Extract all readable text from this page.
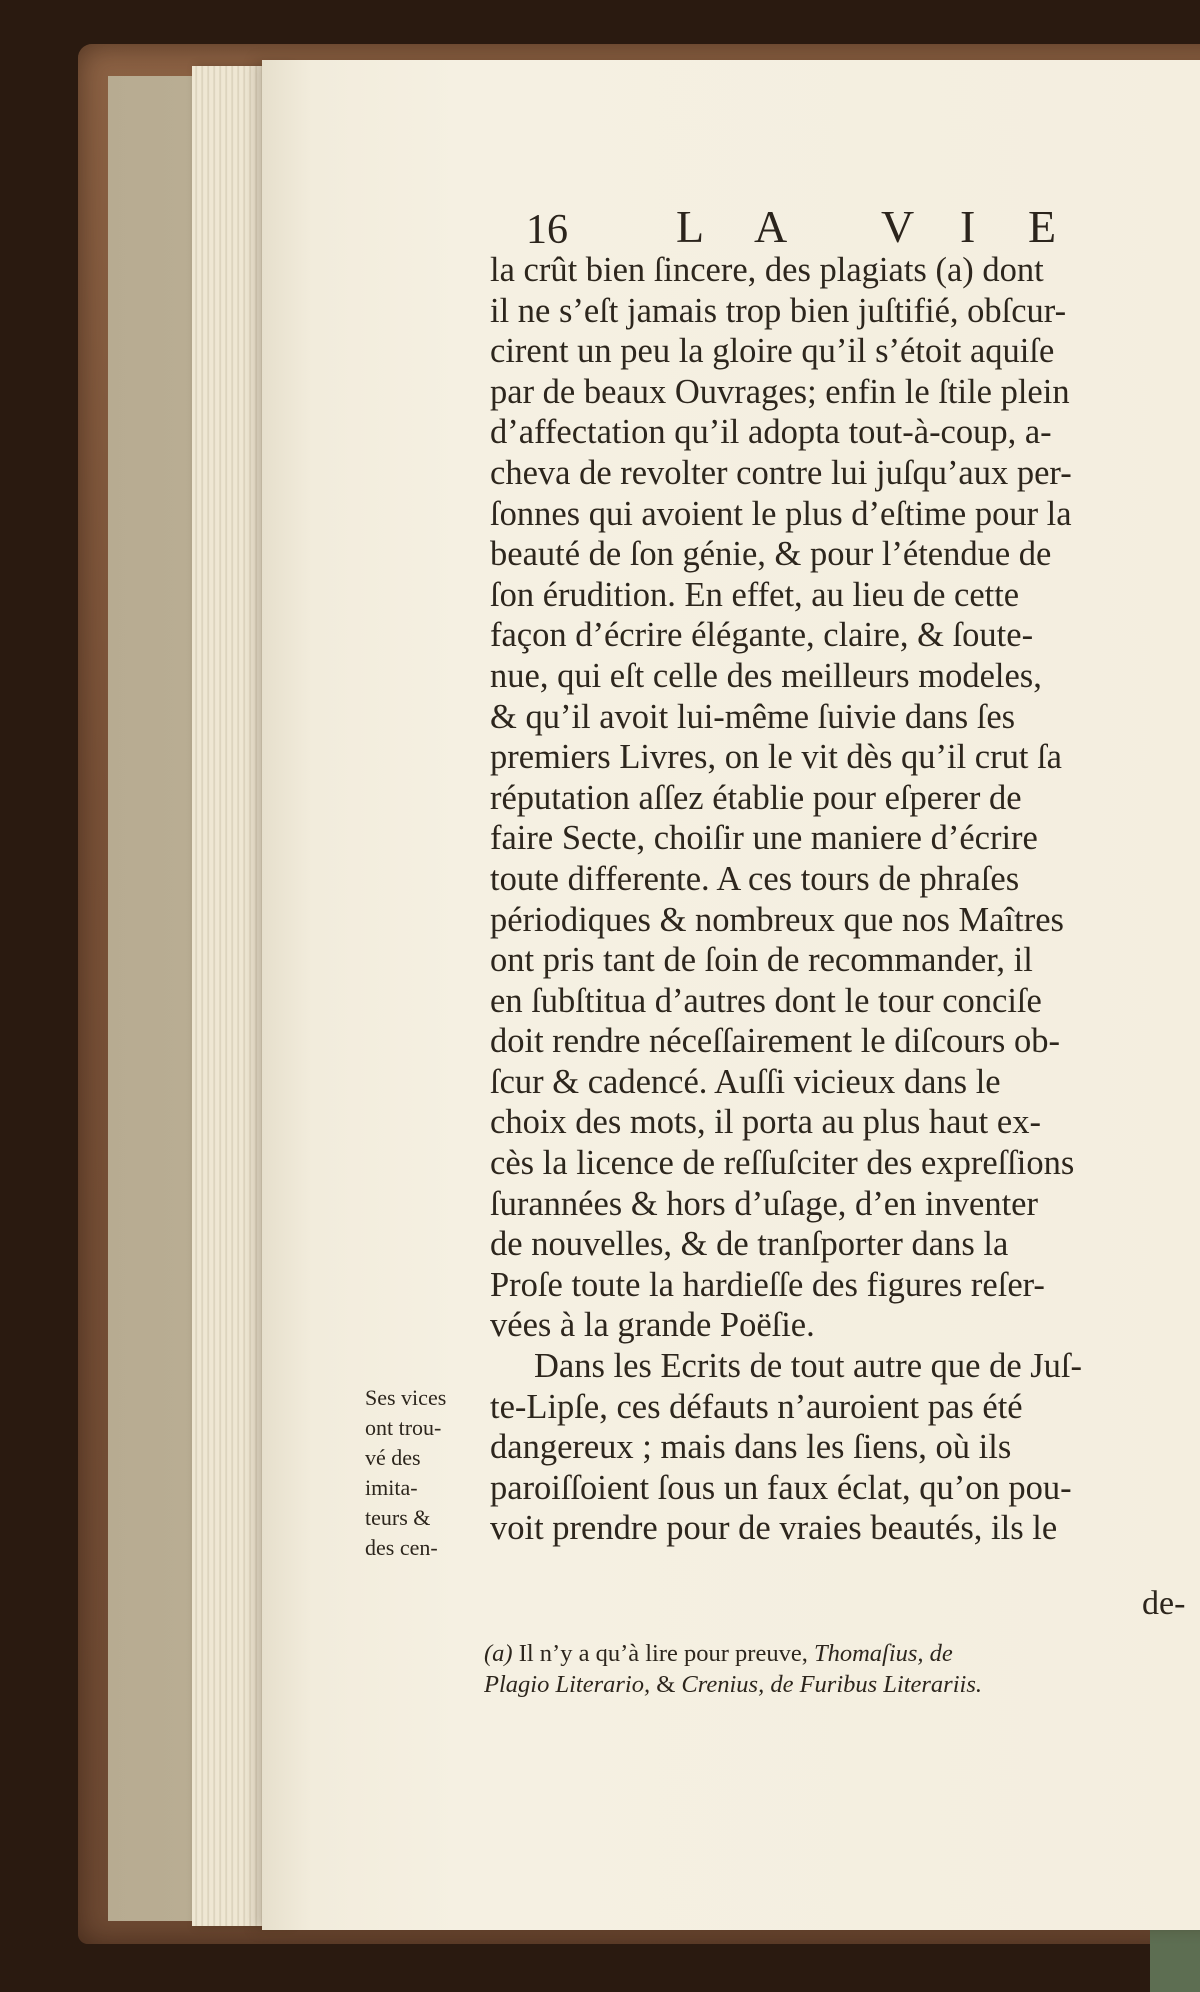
16 L A V I E
la crût bien ſincere, des plagiats (a) dont
il ne s’eſt jamais trop bien juſtifié, obſcur-
cirent un peu la gloire qu’il s’étoit aquiſe
par de beaux Ouvrages; enfin le ſtile plein
d’affectation qu’il adopta tout-à-coup, a-
cheva de revolter contre lui juſqu’aux per-
ſonnes qui avoient le plus d’eſtime pour la
beauté de ſon génie, & pour l’étendue de
ſon érudition. En effet, au lieu de cette
façon d’écrire élégante, claire, & ſoute-
nue, qui eſt celle des meilleurs modeles,
& qu’il avoit lui-même ſuivie dans ſes
premiers Livres, on le vit dès qu’il crut ſa
réputation aſſez établie pour eſperer de
faire Secte, choiſir une maniere d’écrire
toute differente. A ces tours de phraſes
périodiques & nombreux que nos Maîtres
ont pris tant de ſoin de recommander, il
en ſubſtitua d’autres dont le tour conciſe
doit rendre néceſſairement le diſcours ob-
ſcur & cadencé. Auſſi vicieux dans le
choix des mots, il porta au plus haut ex-
cès la licence de reſſuſciter des expreſſions
ſurannées & hors d’uſage, d’en inventer
de nouvelles, & de tranſporter dans la
Proſe toute la hardieſſe des figures reſer-
vées à la grande Poëſie.
Dans les Ecrits de tout autre que de Juſ-
te-Lipſe, ces défauts n’auroient pas été
dangereux ; mais dans les ſiens, où ils
paroiſſoient ſous un faux éclat, qu’on pou-
voit prendre pour de vraies beautés, ils le
Ses vices
ont trou-
vé des
imita-
teurs &
des cen-
de-
(a) Il n’y a qu’à lire pour preuve, Thomaſius, de
Plagio Literario, & Crenius, de Furibus Literariis.
